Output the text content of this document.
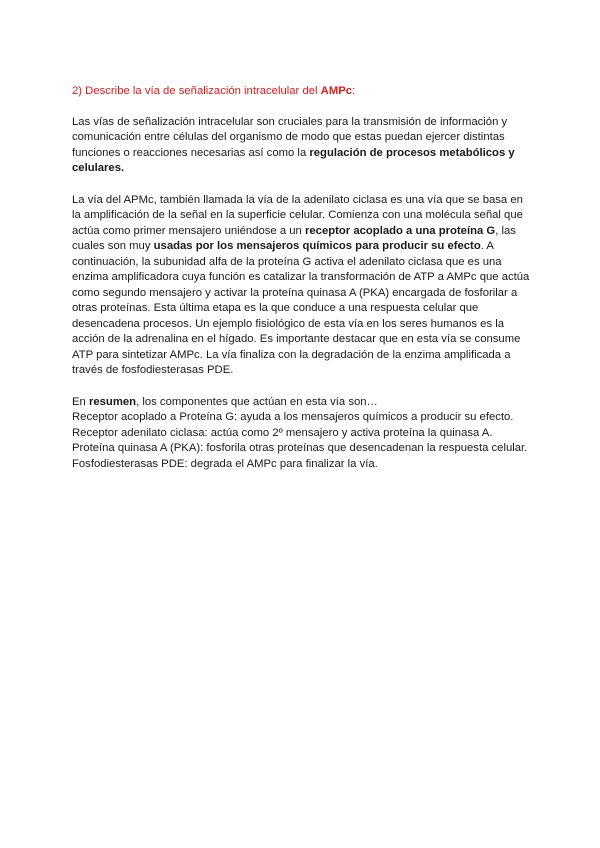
2) Describe la vía de señalización intracelular del AMPc:

Las vías de señalización intracelular son cruciales para la transmisión de información y comunicación entre células del organismo de modo que estas puedan ejercer distintas funciones o reacciones necesarias así como la regulación de procesos metabólicos y celulares.

La vía del APMc, también llamada la vía de la adenilato ciclasa es una vía que se basa en la amplificación de la señal en la superficie celular. Comienza con una molécula señal que actúa como primer mensajero uniéndose a un receptor acoplado a una proteína G, las cuales son muy usadas por los mensajeros químicos para producir su efecto. A continuación, la subunidad alfa de la proteína G activa el adenilato ciclasa que es una enzima amplificadora cuya función es catalizar la transformación de ATP a AMPc que actúa como segundo mensajero y activar la proteína quinasa A (PKA) encargada de fosforilar a otras proteínas. Esta última etapa es la que conduce a una respuesta celular que desencadena procesos. Un ejemplo fisiológico de esta vía en los seres humanos es la acción de la adrenalina en el hígado. Es importante destacar que en esta vía se consume ATP para sintetizar AMPc. La vía finaliza con la degradación de la enzima amplificada a través de fosfodiesterasas PDE.

En resumen, los componentes que actúan en esta vía son…
Receptor acoplado a Proteína G: ayuda a los mensajeros químicos a producir su efecto.
Receptor adenilato ciclasa: actúa como 2º mensajero y activa proteína la quinasa A.
Proteína quinasa A (PKA): fosforila otras proteínas que desencadenan la respuesta celular.
Fosfodiesterasas PDE: degrada el AMPc para finalizar la vía.
